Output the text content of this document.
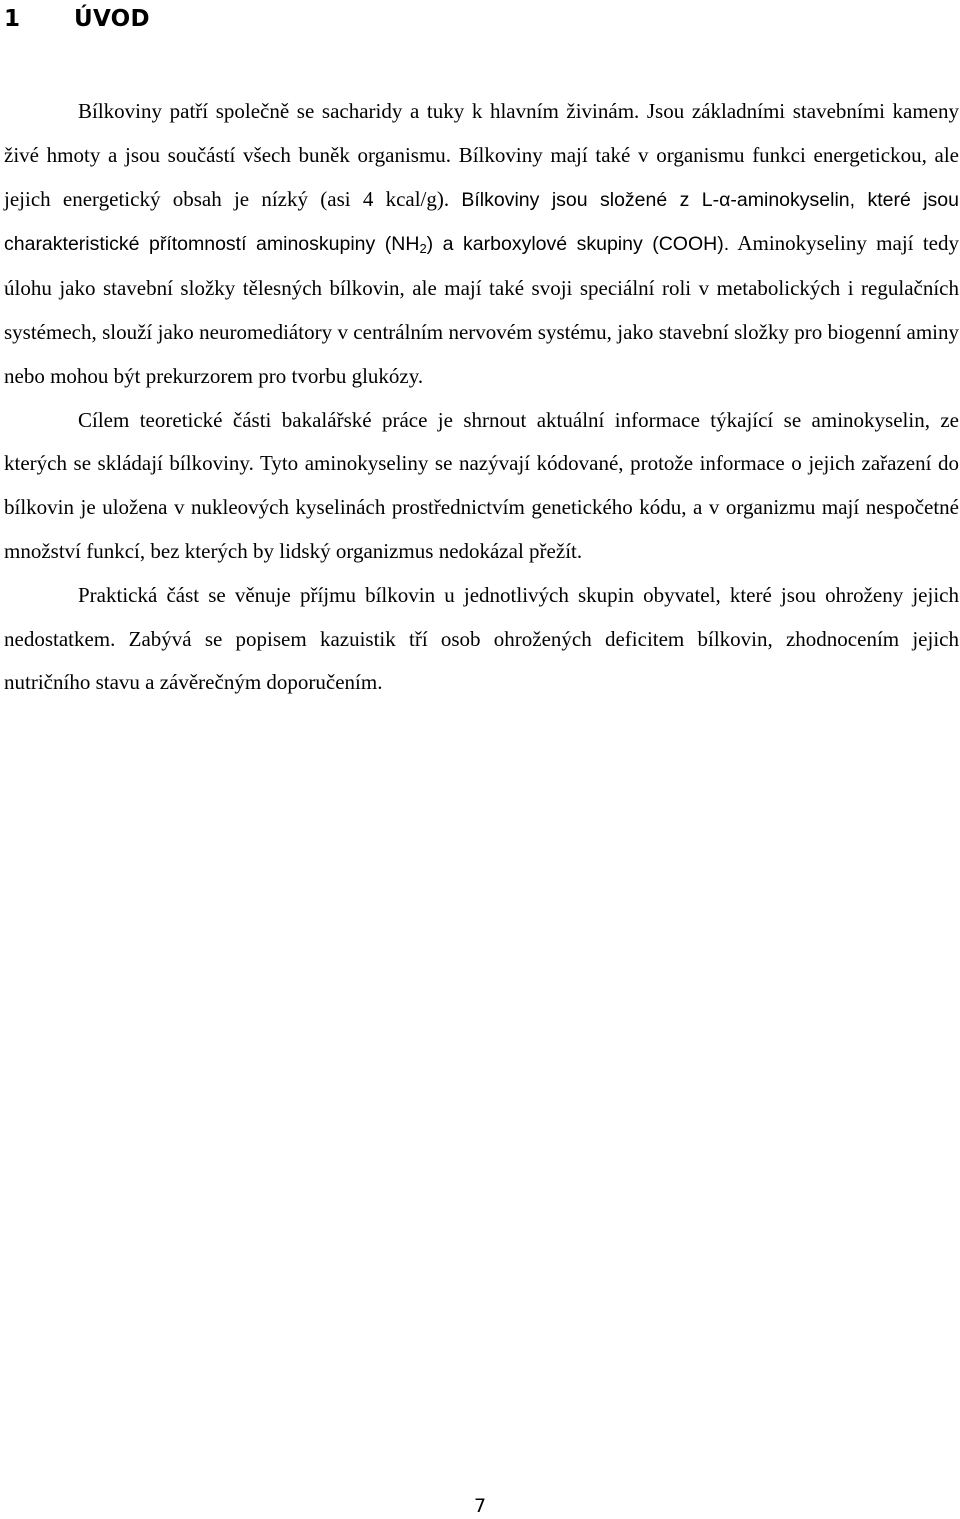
1 ÚVOD

Bílkoviny patří společně se sacharidy a tuky k hlavním živinám. Jsou základními stavebními kameny živé hmoty a jsou součástí všech buněk organismu. Bílkoviny mají také v organismu funkci energetickou, ale jejich energetický obsah je nízký (asi 4 kcal/g). Bílkoviny jsou složené z L-α-aminokyselin, které jsou charakteristické přítomností aminoskupiny $(NH_2)$ a karboxylové skupiny (COOH). Aminokyseliny mají tedy úlohu jako stavební složky tělesných bílkovin, ale mají také svoji speciální roli v metabolických i regulačních systémech, slouží jako neuromediátory v centrálním nervovém systému, jako stavební složky pro biogenní aminy nebo mohou být prekurzorem pro tvorbu glukózy.

Cílem teoretické části bakalářské práce je shrnout aktuální informace týkající se aminokyselin, ze kterých se skládají bílkoviny. Tyto aminokyseliny se nazývají kódované, protože informace o jejich zařazení do bílkovin je uložena v nukleových kyselinách prostřednictvím genetického kódu, a v organizmu mají nespočetné množství funkcí, bez kterých by lidský organizmus nedokázal přežít.

Praktická část se věnuje příjmu bílkovin u jednotlivých skupin obyvatel, které jsou ohroženy jejich nedostatkem. Zabývá se popisem kazuistik tří osob ohrožených deficitem bílkovin, zhodnocením jejich nutričního stavu a závěrečným doporučením.

7
